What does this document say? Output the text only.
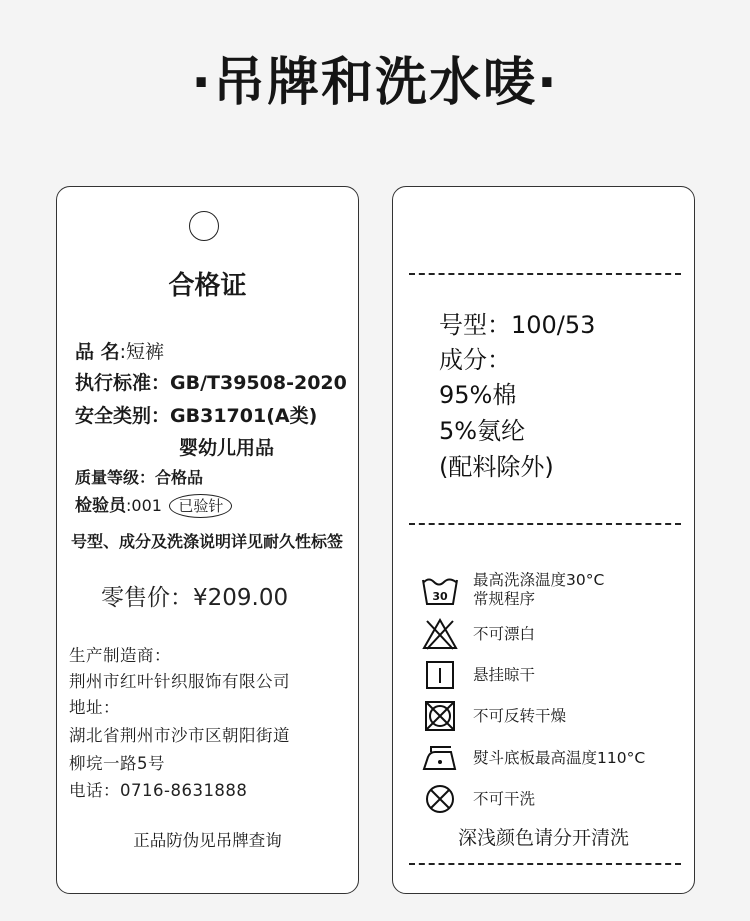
·吊牌和洗水唛·
合格证
品 名:短裤
执行标准：GB/T39508-2020
安全类别：GB31701(A类)
婴幼儿用品
质量等级：合格品
检验员:001 已验针
号型、成分及洗涤说明详见耐久性标签
零售价：¥209.00
生产制造商：
荆州市红叶针织服饰有限公司
地址：
湖北省荆州市沙市区朝阳街道
柳垸一路5号
电话：0716-8631888
正品防伪见吊牌查询
号型：100/53
成分：
95%棉
5%氨纶
(配料除外)
30
最高洗涤温度30°C
常规程序
不可漂白
悬挂晾干
不可反转干燥
熨斗底板最高温度110°C
不可干洗
深浅颜色请分开清洗
